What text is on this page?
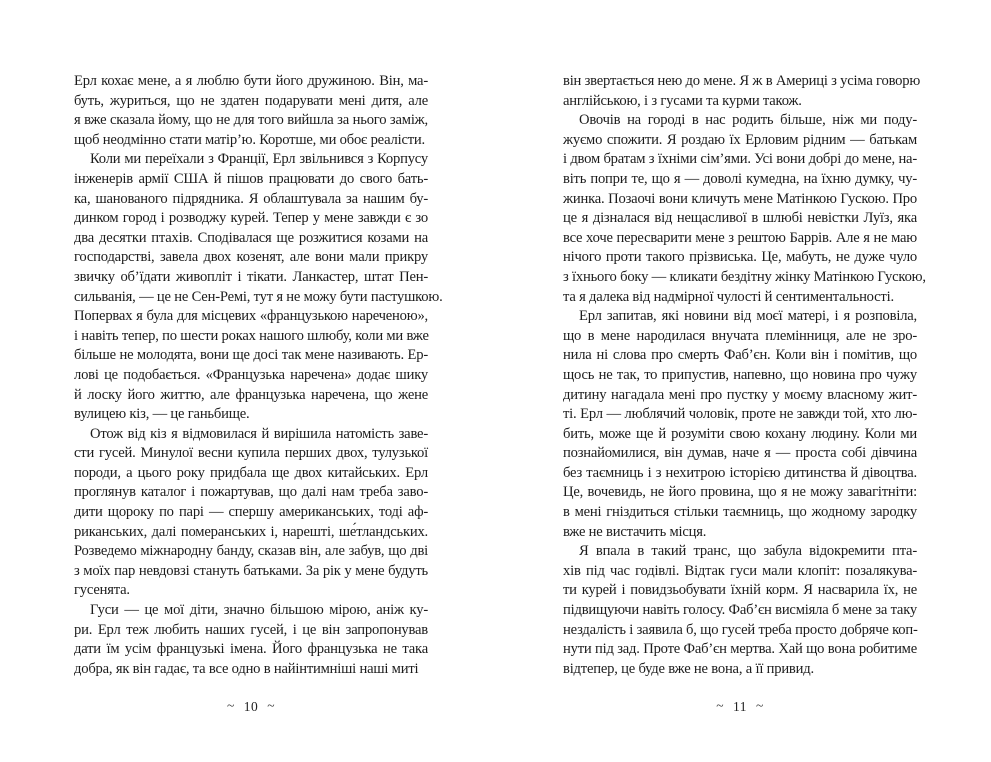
Ерл кохає мене, а я люблю бути його дружиною. Він, ма-
буть, журиться, що не здатен подарувати мені дитя, але
я вже сказала йому, що не для того вийшла за нього заміж,
щоб неодмінно стати матір’ю. Коротше, ми обоє реалісти.
Коли ми переїхали з Франції, Ерл звільнився з Корпусу
інженерів армії США й пішов працювати до свого бать-
ка, шанованого підрядника. Я облаштувала за нашим бу-
динком город і розводжу курей. Тепер у мене завжди є зо
два десятки птахів. Сподівалася ще розжитися козами на
господарстві, завела двох козенят, але вони мали прикру
звичку об’їдати живопліт і тікати. Ланкастер, штат Пен-
сильванія, — це не Сен-Ремі, тут я не можу бути пастушкою.
Попервах я була для місцевих «французькою нареченою»,
і навіть тепер, по шести роках нашого шлюбу, коли ми вже
більше не молодята, вони ще досі так мене називають. Ер-
лові це подобається. «Французька наречена» додає шику
й лоску його життю, але французька наречена, що жене
вулицею кіз, — це ганьбище.
Отож від кіз я відмовилася й вирішила натомість заве-
сти гусей. Минулої весни купила перших двох, тулузької
породи, а цього року придбала ще двох китайських. Ерл
проглянув каталог і пожартував, що далі нам треба заво-
дити щороку по парі — спершу американських, тоді аф-
риканських, далі померанських і, нарешті, ше́тландських.
Розведемо міжнародну банду, сказав він, але забув, що дві
з моїх пар невдовзі стануть батьками. За рік у мене будуть
гусенята.
Гуси — це мої діти, значно більшою мірою, аніж ку-
ри. Ерл теж любить наших гусей, і це він запропонував
дати їм усім французькі імена. Його французька не така
добра, як він гадає, та все одно в найінтимніші наші миті
~ 10 ~
він звертається нею до мене. Я ж в Америці з усіма говорю
англійською, і з гусами та курми також.
Овочів на городі в нас родить більше, ніж ми поду-
жуємо спожити. Я роздаю їх Ерловим рідним — батькам
і двом братам з їхніми сім’ями. Усі вони добрі до мене, на-
віть попри те, що я — доволі кумедна, на їхню думку, чу-
жинка. Позаочі вони кличуть мене Матінкою Гускою. Про
це я дізналася від нещасливої в шлюбі невістки Луїз, яка
все хоче пересварити мене з рештою Баррів. Але я не маю
нічого проти такого прізвиська. Це, мабуть, не дуже чуло
з їхнього боку — кликати бездітну жінку Матінкою Гускою,
та я далека від надмірної чулості й сентиментальності.
Ерл запитав, які новини від моєї матері, і я розповіла,
що в мене народилася внучата племінниця, але не зро-
нила ні слова про смерть Фаб’єн. Коли він і помітив, що
щось не так, то припустив, напевно, що новина про чужу
дитину нагадала мені про пустку у моєму власному жит-
ті. Ерл — люблячий чоловік, проте не завжди той, хто лю-
бить, може ще й розуміти свою кохану людину. Коли ми
познайомилися, він думав, наче я — проста собі дівчина
без таємниць і з нехитрою історією дитинства й дівоцтва.
Це, вочевидь, не його провина, що я не можу завагітніти:
в мені гніздиться стільки таємниць, що жодному зародку
вже не вистачить місця.
Я впала в такий транс, що забула відокремити пта-
хів під час годівлі. Відтак гуси мали клопіт: позалякува-
ти курей і повидзьобувати їхній корм. Я насварила їх, не
підвищуючи навіть голосу. Фаб’єн висміяла б мене за таку
нездалість і заявила б, що гусей треба просто добряче коп-
нути під зад. Проте Фаб’єн мертва. Хай що вона робитиме
відтепер, це буде вже не вона, а її привид.
~ 11 ~
